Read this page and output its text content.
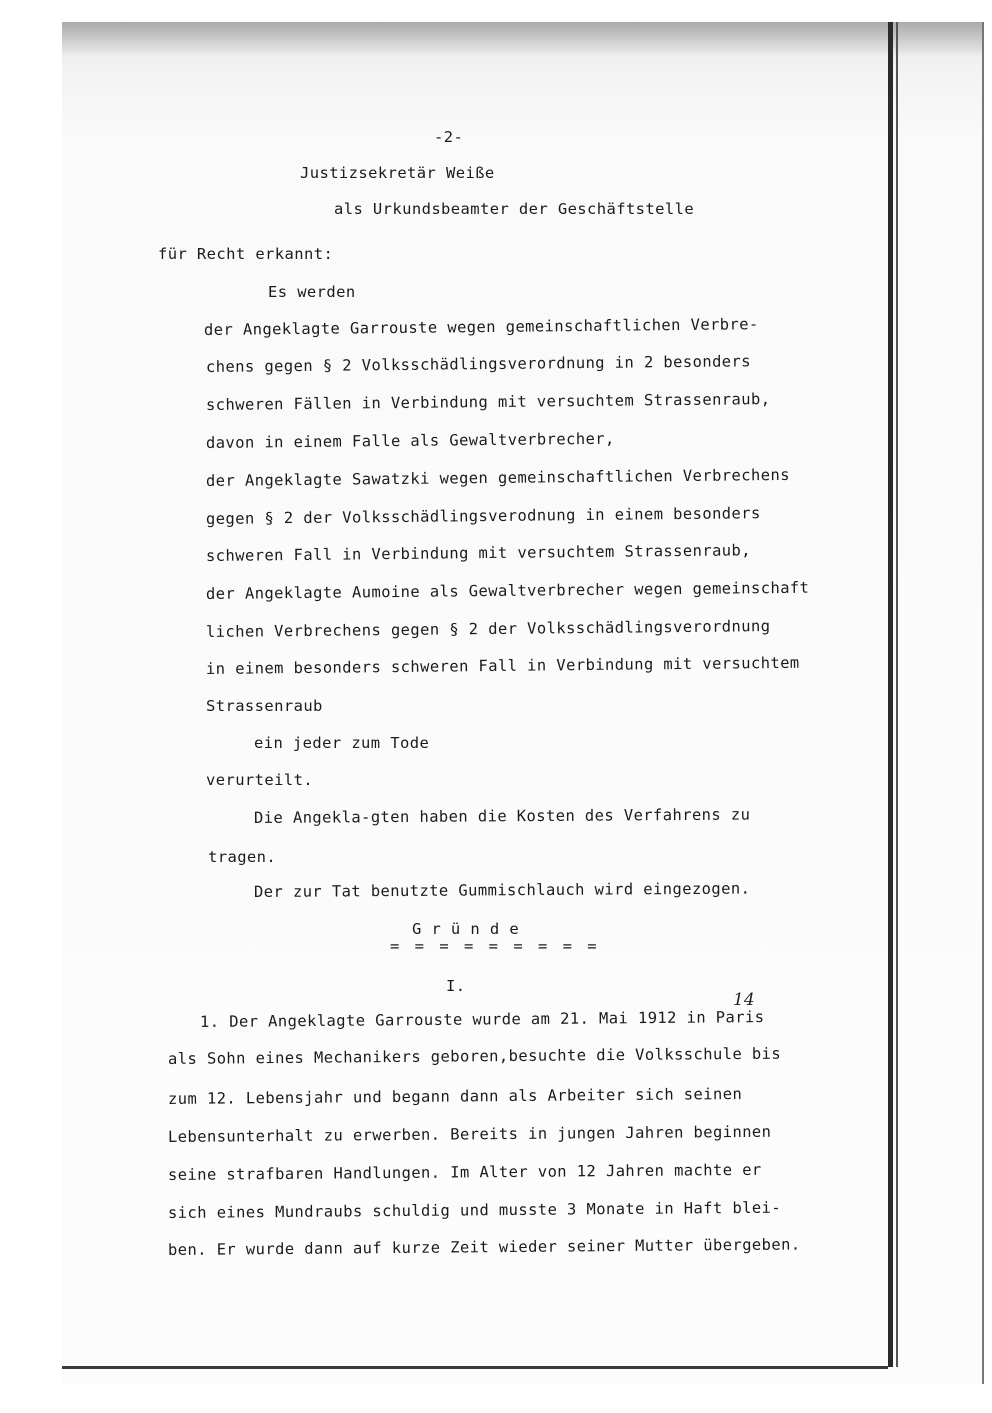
-2-
Justizsekretär Weiße
als Urkundsbeamter der Geschäftstelle
für Recht erkannt:
Es werden
der Angeklagte Garrouste wegen gemeinschaftlichen Verbre-
chens gegen § 2 Volksschädlingsverordnung in 2 besonders
schweren Fällen in Verbindung mit versuchtem Strassenraub,
davon in einem Falle als Gewaltverbrecher,
der Angeklagte Sawatzki wegen gemeinschaftlichen Verbrechens
gegen § 2 der Volksschädlingsverodnung in einem besonders
schweren Fall in Verbindung mit versuchtem Strassenraub,
der Angeklagte Aumoine als Gewaltverbrecher wegen gemeinschaft
lichen Verbrechens gegen § 2 der Volksschädlingsverordnung
in einem besonders schweren Fall in Verbindung mit versuchtem
Strassenraub
ein jeder zum Tode
verurteilt.
Die Angekla-gten haben die Kosten des Verfahrens zu
tragen.
Der zur Tat benutzte Gummischlauch wird eingezogen.
G r ü n d e
= = = = = = = = =
I.
1. Der Angeklagte Garrouste wurde am 21. Mai 1912 in Paris
als Sohn eines Mechanikers geboren,besuchte die Volksschule bis
zum 12. Lebensjahr und begann dann als Arbeiter sich seinen
Lebensunterhalt zu erwerben. Bereits in jungen Jahren beginnen
seine strafbaren Handlungen. Im Alter von 12 Jahren machte er
sich eines Mundraubs schuldig und musste 3 Monate in Haft blei-
ben. Er wurde dann auf kurze Zeit wieder seiner Mutter übergeben.
14
